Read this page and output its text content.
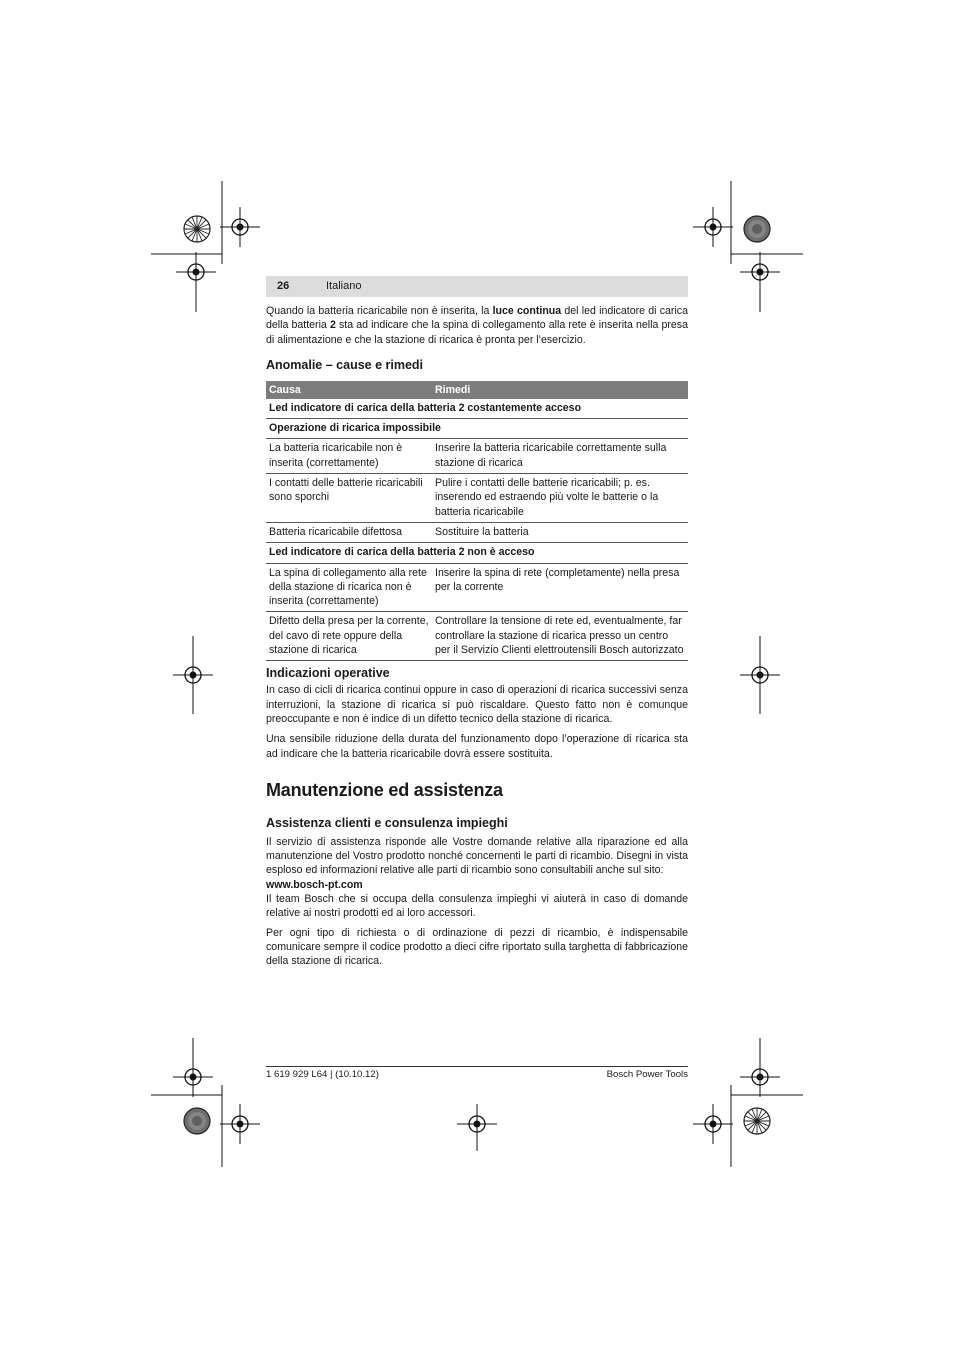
26	Italiano

Quando la batteria ricaricabile non è inserita, la luce continua del led indicatore di carica della batteria 2 sta ad indicare che la spina di collegamento alla rete è inserita nella presa di alimentazione e che la stazione di ricarica è pronta per l’esercizio.

Anomalie – cause e rimedi
Causa	Rimedi
Led indicatore di carica della batteria 2 costantemente acceso	
Operazione di ricarica impossibile	
La batteria ricaricabile non è inserita (correttamente)	Inserire la batteria ricaricabile correttamente sulla stazione di ricarica
I contatti delle batterie ricaricabili sono sporchi	Pulire i contatti delle batterie ricaricabili; p. es. inserendo ed estraendo più volte le batterie o la batteria ricaricabile
Batteria ricaricabile difettosa	Sostituire la batteria
Led indicatore di carica della batteria 2 non è acceso	
La spina di collegamento alla rete della stazione di ricarica non è inserita (correttamente)	Inserire la spina di rete (completamente) nella presa per la corrente
Difetto della presa per la corrente, del cavo di rete oppure della stazione di ricarica	Controllare la tensione di rete ed, eventualmente, far controllare la stazione di ricarica presso un centro per il Servizio Clienti elettroutensili Bosch autorizzato
Indicazioni operative

In caso di cicli di ricarica continui oppure in caso di operazioni di ricarica successivi senza interruzioni, la stazione di ricarica si può riscaldare. Questo fatto non è comunque preoccupante e non è indice di un difetto tecnico della stazione di ricarica.

Una sensibile riduzione della durata del funzionamento dopo l’operazione di ricarica sta ad indicare che la batteria ricaricabile dovrà essere sostituita.

Manutenzione ed assistenza
Assistenza clienti e consulenza impieghi

Il servizio di assistenza risponde alle Vostre domande relative alla riparazione ed alla manutenzione del Vostro prodotto nonché concernenti le parti di ricambio. Disegni in vista esploso ed informazioni relative alle parti di ricambio sono consultabili anche sul sito:
www.bosch-pt.com
Il team Bosch che si occupa della consulenza impieghi vi aiuterà in caso di domande relative ai nostri prodotti ed ai loro accessori.

Per ogni tipo di richiesta o di ordinazione di pezzi di ricambio, è indispensabile comunicare sempre il codice prodotto a dieci cifre riportato sulla targhetta di fabbricazione della stazione di ricarica.

1 619 929 L64 | (10.10.12)	Bosch Power Tools
